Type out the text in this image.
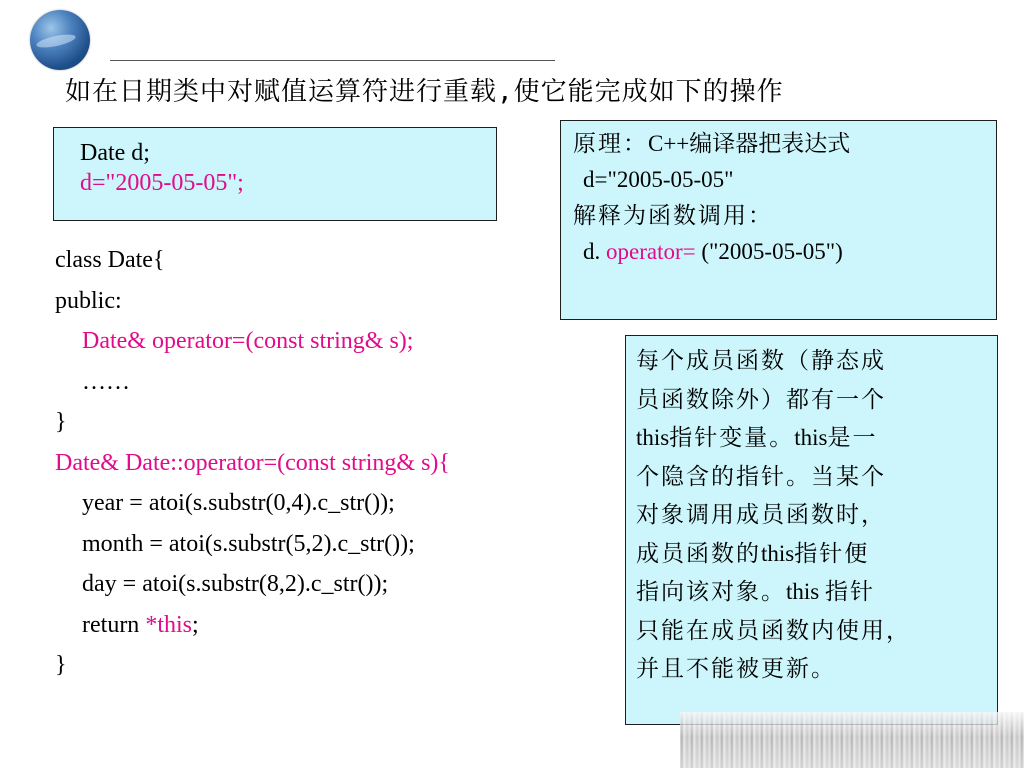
如在日期类中对赋值运算符进行重载,使它能完成如下的操作
Date d;
d="2005-05-05";
原理：C++编译器把表达式
d="2005-05-05"
解释为函数调用：
d. operator= ("2005-05-05")
class Date{
public:
Date& operator=(const string& s);
……
}
Date& Date::operator=(const string& s){
year = atoi(s.substr(0,4).c_str());
month = atoi(s.substr(5,2).c_str());
day = atoi(s.substr(8,2).c_str());
return *this;
}
每个成员函数（静态成
员函数除外）都有一个
this指针变量。this是一
个隐含的指针。当某个
对象调用成员函数时，
成员函数的this指针便
指向该对象。this 指针
只能在成员函数内使用，
并且不能被更新。
